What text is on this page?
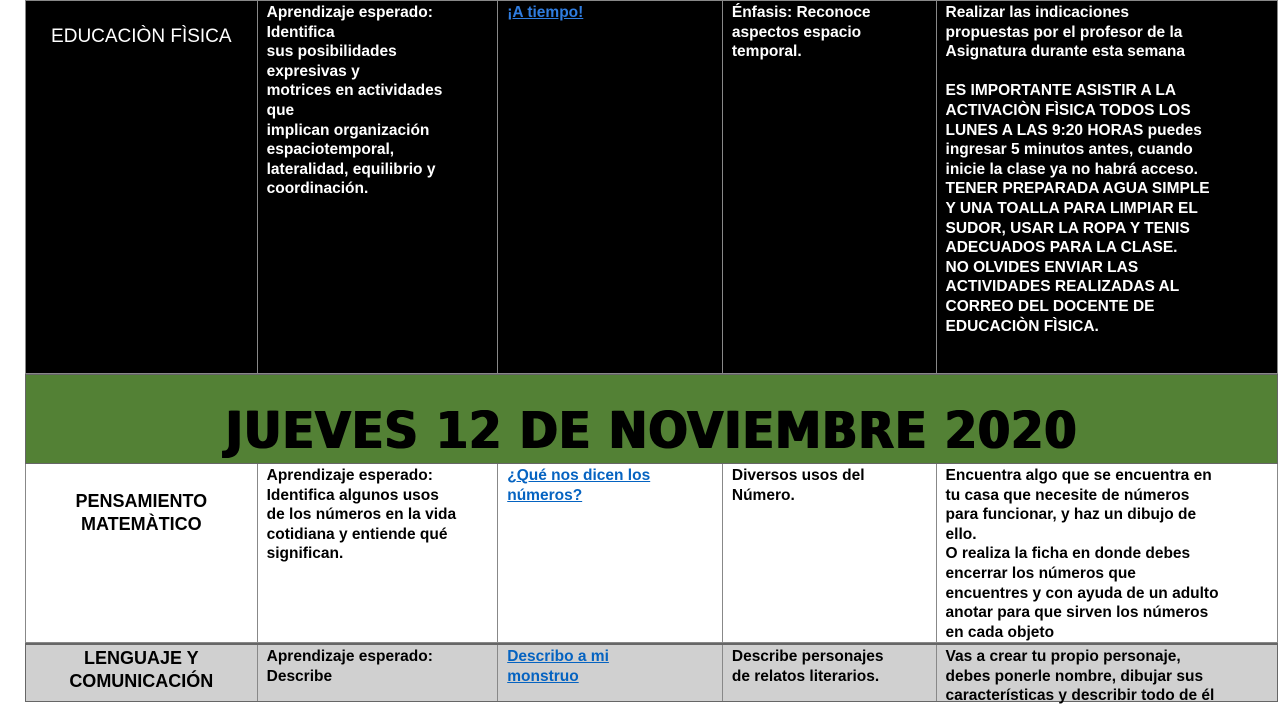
EDUCACIÒN FÌSICA
Aprendizaje esperado:
Identifica
sus posibilidades
expresivas y
motrices en actividades
que
implican organización
espaciotemporal,
lateralidad, equilibrio y
coordinación.
¡A tiempo!	Énfasis: Reconoce
aspectos espacio
temporal.
Realizar las indicaciones
propuestas por el profesor de la
Asignatura durante esta semana

ES IMPORTANTE ASISTIR A LA
ACTIVACIÒN FÌSICA TODOS LOS
LUNES A LAS 9:20 HORAS puedes
ingresar 5 minutos antes, cuando
inicie la clase ya no habrá acceso.
TENER PREPARADA AGUA SIMPLE
Y UNA TOALLA PARA LIMPIAR EL
SUDOR, USAR LA ROPA Y TENIS
ADECUADOS PARA LA CLASE.
NO OLVIDES ENVIAR LAS
ACTIVIDADES REALIZADAS AL
CORREO DEL DOCENTE DE
EDUCACIÒN FÌSICA.
JUEVES 12 DE NOVIEMBRE 2020
PENSAMIENTO
MATEMÀTICO
Aprendizaje esperado:
Identifica algunos usos
de los números en la vida
cotidiana y entiende qué
significan.
¿Qué nos dicen los
números?
Diversos usos del
Número.
Encuentra algo que se encuentra en
tu casa que necesite de números
para funcionar, y haz un dibujo de
ello.
O realiza la ficha en donde debes
encerrar los números que
encuentres y con ayuda de un adulto
anotar para que sirven los números
en cada objeto
LENGUAJE Y
COMUNICACIÓN
Aprendizaje esperado:
Describe
Describo a mi
monstruo
Describe personajes
de relatos literarios.
Vas a crear tu propio personaje,
debes ponerle nombre, dibujar sus
características y describir todo de él
